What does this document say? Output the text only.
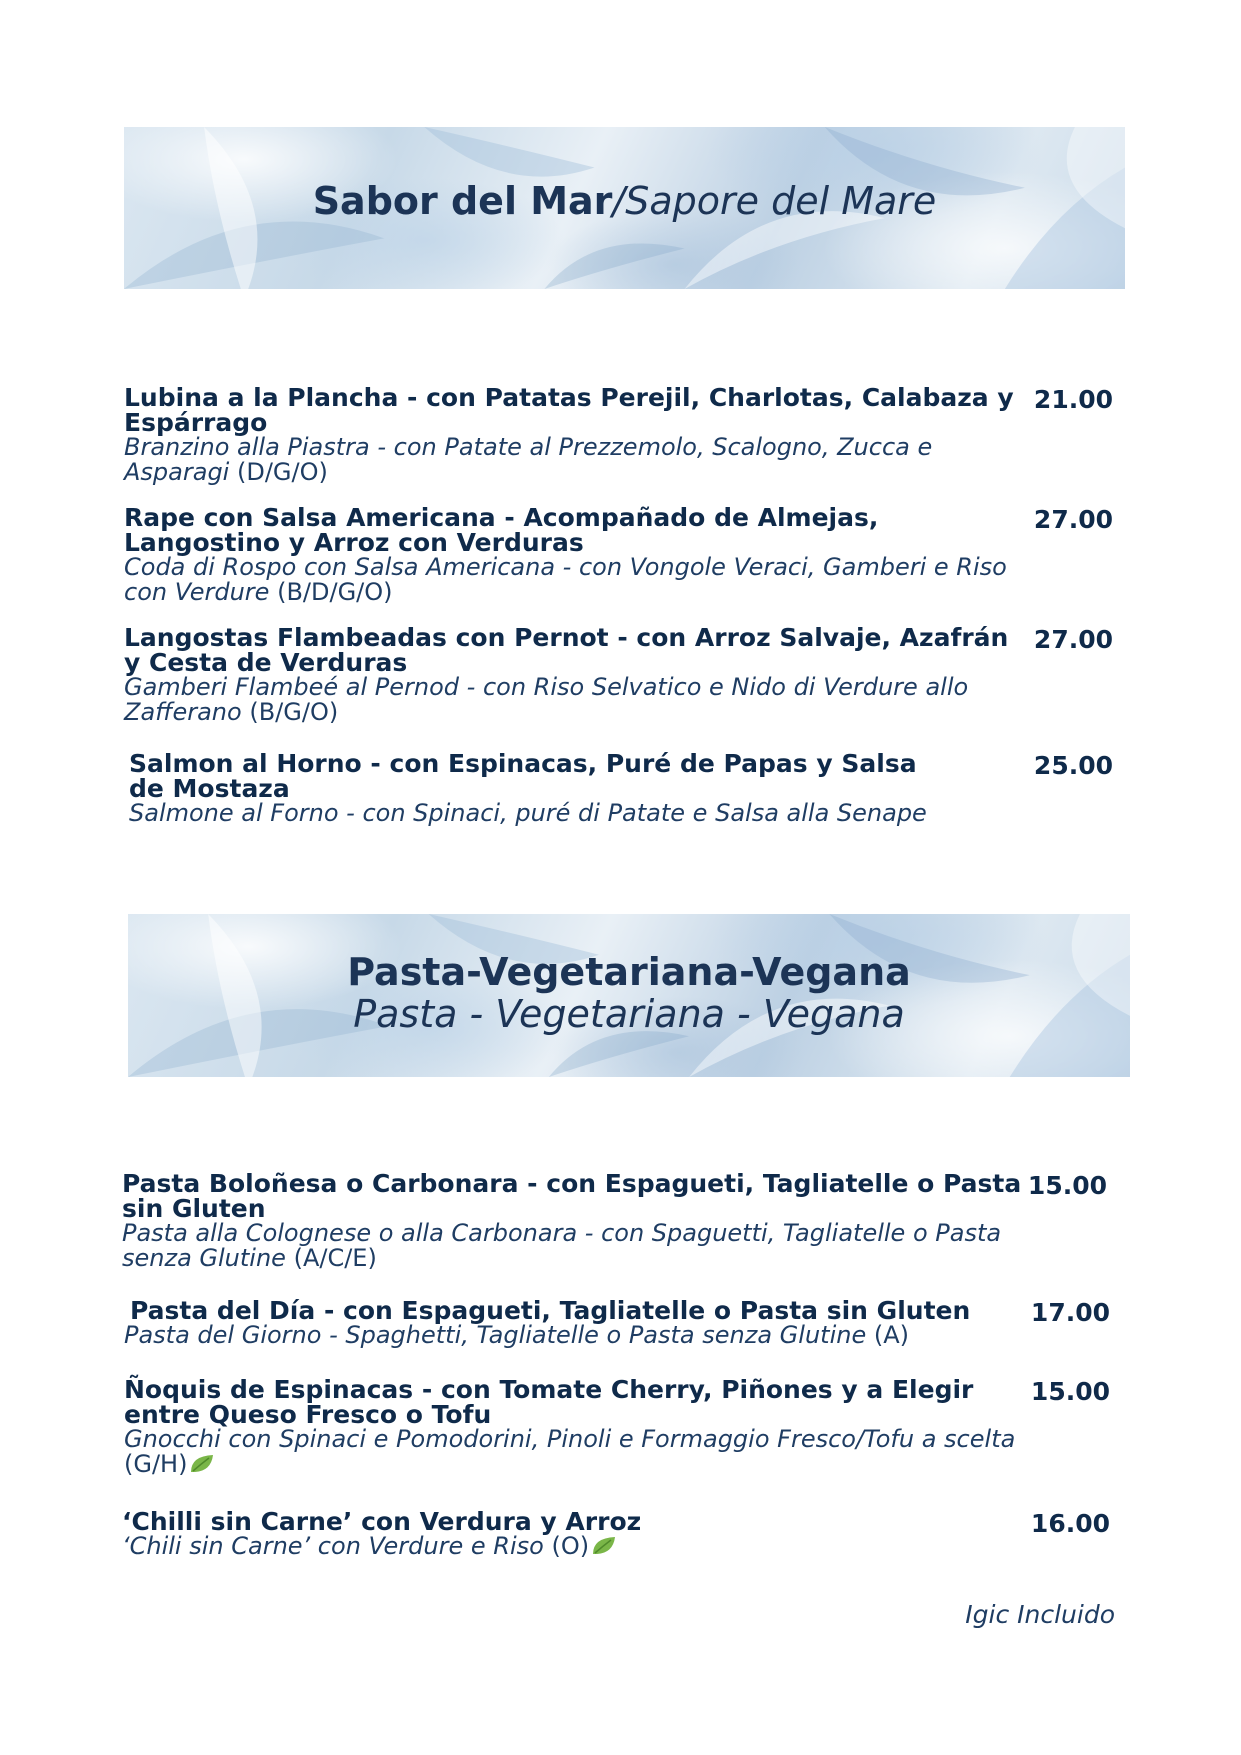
Sabor del Mar/Sapore del Mare
Lubina a la Plancha - con Patatas Perejil, Charlotas, Calabaza y Espárrago
Branzino alla Piastra - con Patate al Prezzemolo, Scalogno, Zucca e Asparagi (D/G/O)
21.00
Rape con Salsa Americana - Acompañado de Almejas, Langostino y Arroz con Verduras
Coda di Rospo con Salsa Americana - con Vongole Veraci, Gamberi e Riso con Verdure (B/D/G/O)
27.00
Langostas Flambeadas con Pernot - con Arroz Salvaje, Azafrán y Cesta de Verduras
Gamberi Flambeé al Pernod - con Riso Selvatico e Nido di Verdure allo Zafferano (B/G/O)
27.00
Salmon al Horno - con Espinacas, Puré de Papas y Salsa de Mostaza
Salmone al Forno - con Spinaci, puré di Patate e Salsa alla Senape
25.00
Pasta-Vegetariana-Vegana
Pasta - Vegetariana - Vegana
Pasta Boloñesa o Carbonara - con Espagueti, Tagliatelle o Pasta sin Gluten
Pasta alla Colognese o alla Carbonara - con Spaguetti, Tagliatelle o Pasta senza Glutine (A/C/E)
15.00
Pasta del Día - con Espagueti, Tagliatelle o Pasta sin Gluten
Pasta del Giorno - Spaghetti, Tagliatelle o Pasta senza Glutine (A)
17.00
Ñoquis de Espinacas - con Tomate Cherry, Piñones y a Elegir entre Queso Fresco o Tofu
Gnocchi con Spinaci e Pomodorini, Pinoli e Formaggio Fresco/Tofu a scelta (G/H)
15.00
‘Chilli sin Carne’ con Verdura y Arroz
‘Chili sin Carne’ con Verdure e Riso (O)
16.00
Igic Incluido
